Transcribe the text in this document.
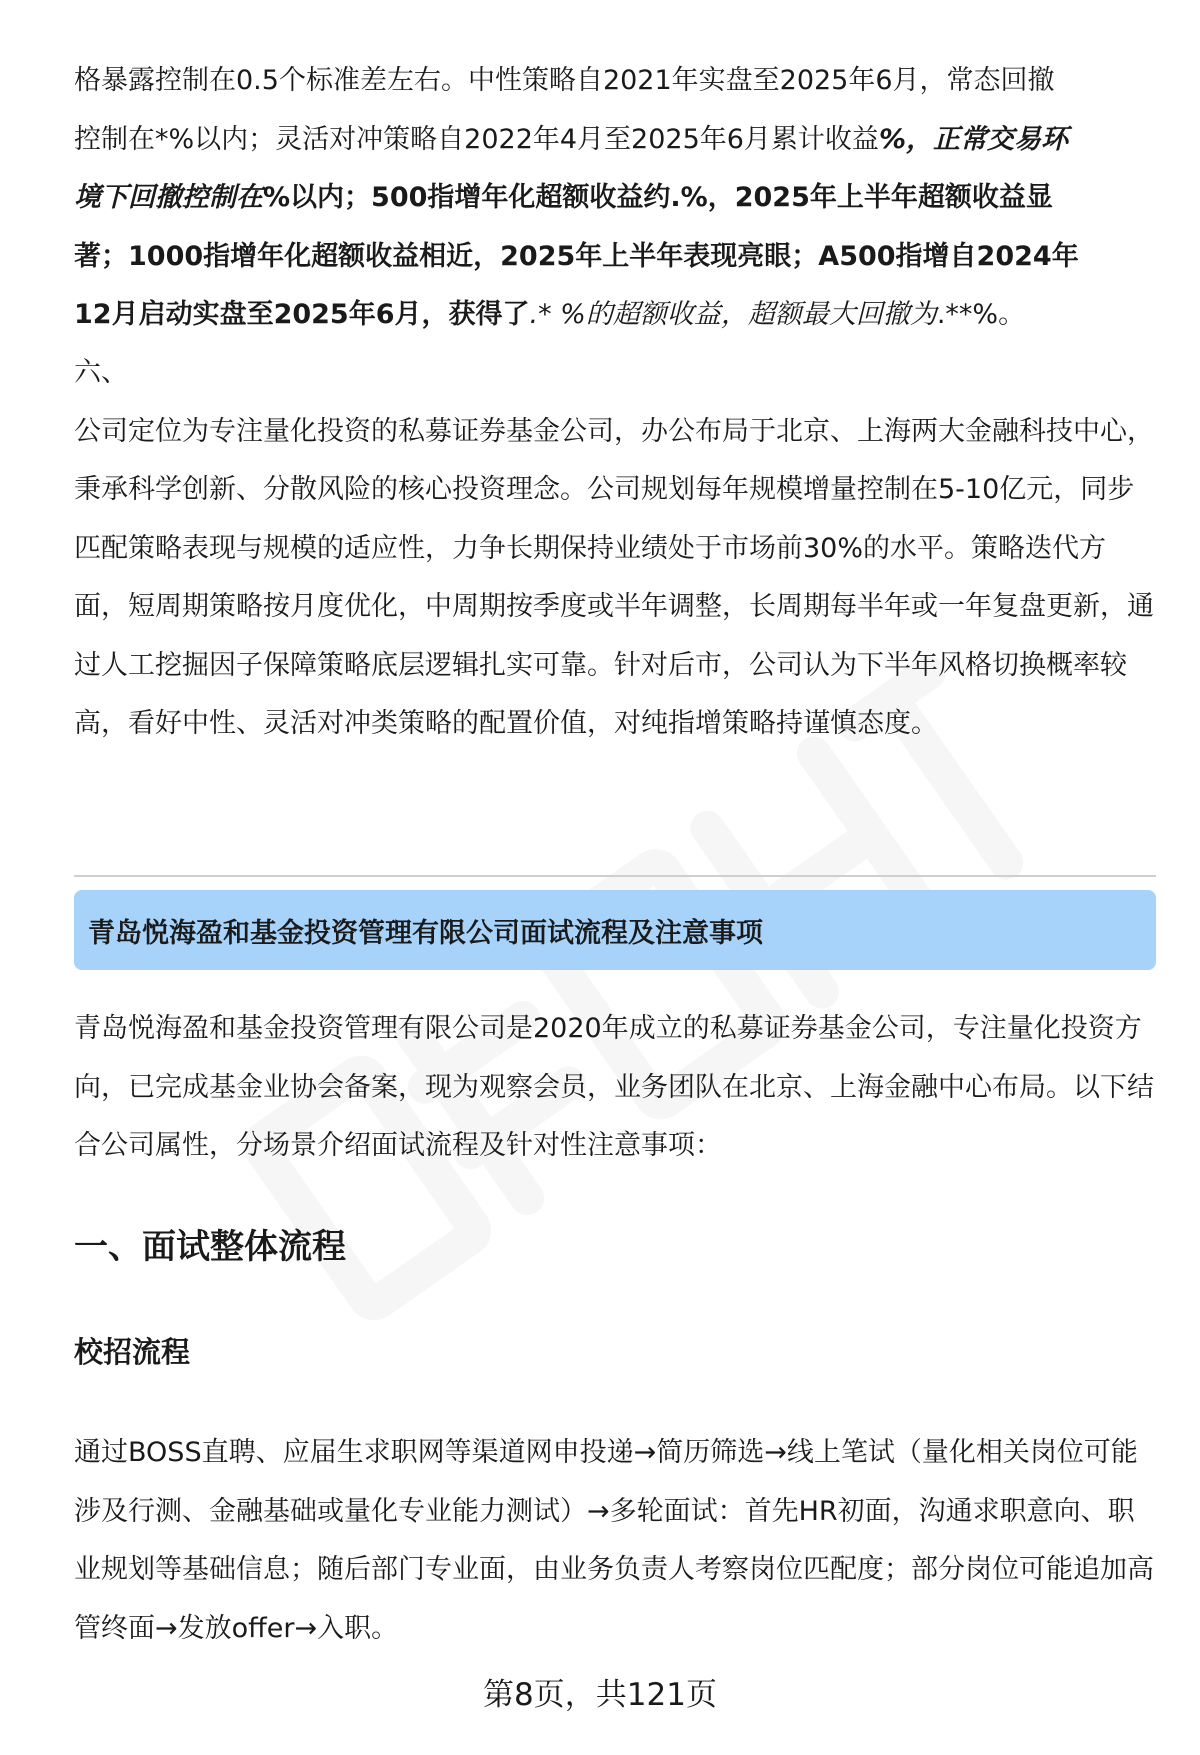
格暴露控制在0.5个标准差左右。中性策略自2021年实盘至2025年6月，常态回撤

控制在*%以内；灵活对冲策略自2022年4月至2025年6月累计收益%，正常交易环

境下回撤控制在%以内；500指增年化超额收益约.%，2025年上半年超额收益显

著；1000指增年化超额收益相近，2025年上半年表现亮眼；A500指增自2024年

12月启动实盘至2025年6月，获得了.* %的超额收益，超额最大回撤为.**%。

六、

公司定位为专注量化投资的私募证券基金公司，办公布局于北京、上海两大金融科技中心，秉承科学创新、分散风险的核心投资理念。公司规划每年规模增量控制在5-10亿元，同步匹配策略表现与规模的适应性，力争长期保持业绩处于市场前30%的水平。策略迭代方面，短周期策略按月度优化，中周期按季度或半年调整，长周期每半年或一年复盘更新，通过人工挖掘因子保障策略底层逻辑扎实可靠。针对后市，公司认为下半年风格切换概率较高，看好中性、灵活对冲类策略的配置价值，对纯指增策略持谨慎态度。

青岛悦海盈和基金投资管理有限公司面试流程及注意事项

青岛悦海盈和基金投资管理有限公司是2020年成立的私募证券基金公司，专注量化投资方向，已完成基金业协会备案，现为观察会员，业务团队在北京、上海金融中心布局。以下结合公司属性，分场景介绍面试流程及针对性注意事项：

一、面试整体流程

校招流程

通过BOSS直聘、应届生求职网等渠道网申投递→简历筛选→线上笔试（量化相关岗位可能涉及行测、金融基础或量化专业能力测试）→多轮面试：首先HR初面，沟通求职意向、职业规划等基础信息；随后部门专业面，由业务负责人考察岗位匹配度；部分岗位可能追加高管终面→发放offer→入职。

第8页，共121页
